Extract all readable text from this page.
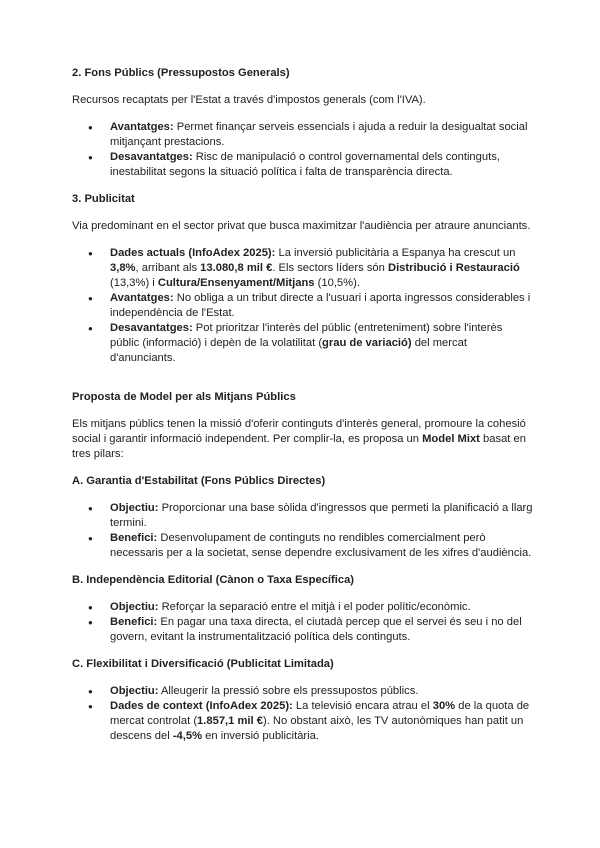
2. Fons Públics (Pressupostos Generals)

Recursos recaptats per l'Estat a través d'impostos generals (com l'IVA).

● Avantatges: Permet finançar serveis essencials i ajuda a reduir la desigualtat social mitjançant prestacions.
● Desavantatges: Risc de manipulació o control governamental dels continguts, inestabilitat segons la situació política i falta de transparència directa.
3. Publicitat

Via predominant en el sector privat que busca maximitzar l'audiència per atraure anunciants.

● Dades actuals (InfoAdex 2025): La inversió publicitària a Espanya ha crescut un 3,8%, arribant als 13.080,8 mil €. Els sectors líders són Distribució i Restauració (13,3%) i Cultura/Ensenyament/Mitjans (10,5%).
● Avantatges: No obliga a un tribut directe a l'usuari i aporta ingressos considerables i independència de l'Estat.
● Desavantatges: Pot prioritzar l'interès del públic (entreteniment) sobre l'interès públic (informació) i depèn de la volatilitat (grau de variació) del mercat d'anunciants.
Proposta de Model per als Mitjans Públics

Els mitjans públics tenen la missió d'oferir continguts d'interès general, promoure la cohesió social i garantir informació independent. Per complir-la, es proposa un Model Mixt basat en tres pilars:

A. Garantia d'Estabilitat (Fons Públics Directes)
● Objectiu: Proporcionar una base sòlida d'ingressos que permeti la planificació a llarg termini.
● Benefici: Desenvolupament de continguts no rendibles comercialment però necessaris per a la societat, sense dependre exclusivament de les xifres d'audiència.
B. Independència Editorial (Cànon o Taxa Específica)
● Objectiu: Reforçar la separació entre el mitjà i el poder polític/econòmic.
● Benefici: En pagar una taxa directa, el ciutadà percep que el servei és seu i no del govern, evitant la instrumentalització política dels continguts.
C. Flexibilitat i Diversificació (Publicitat Limitada)
● Objectiu: Alleugerir la pressió sobre els pressupostos públics.
● Dades de context (InfoAdex 2025): La televisió encara atrau el 30% de la quota de mercat controlat (1.857,1 mil €). No obstant això, les TV autonòmiques han patit un descens del -4,5% en inversió publicitària.
